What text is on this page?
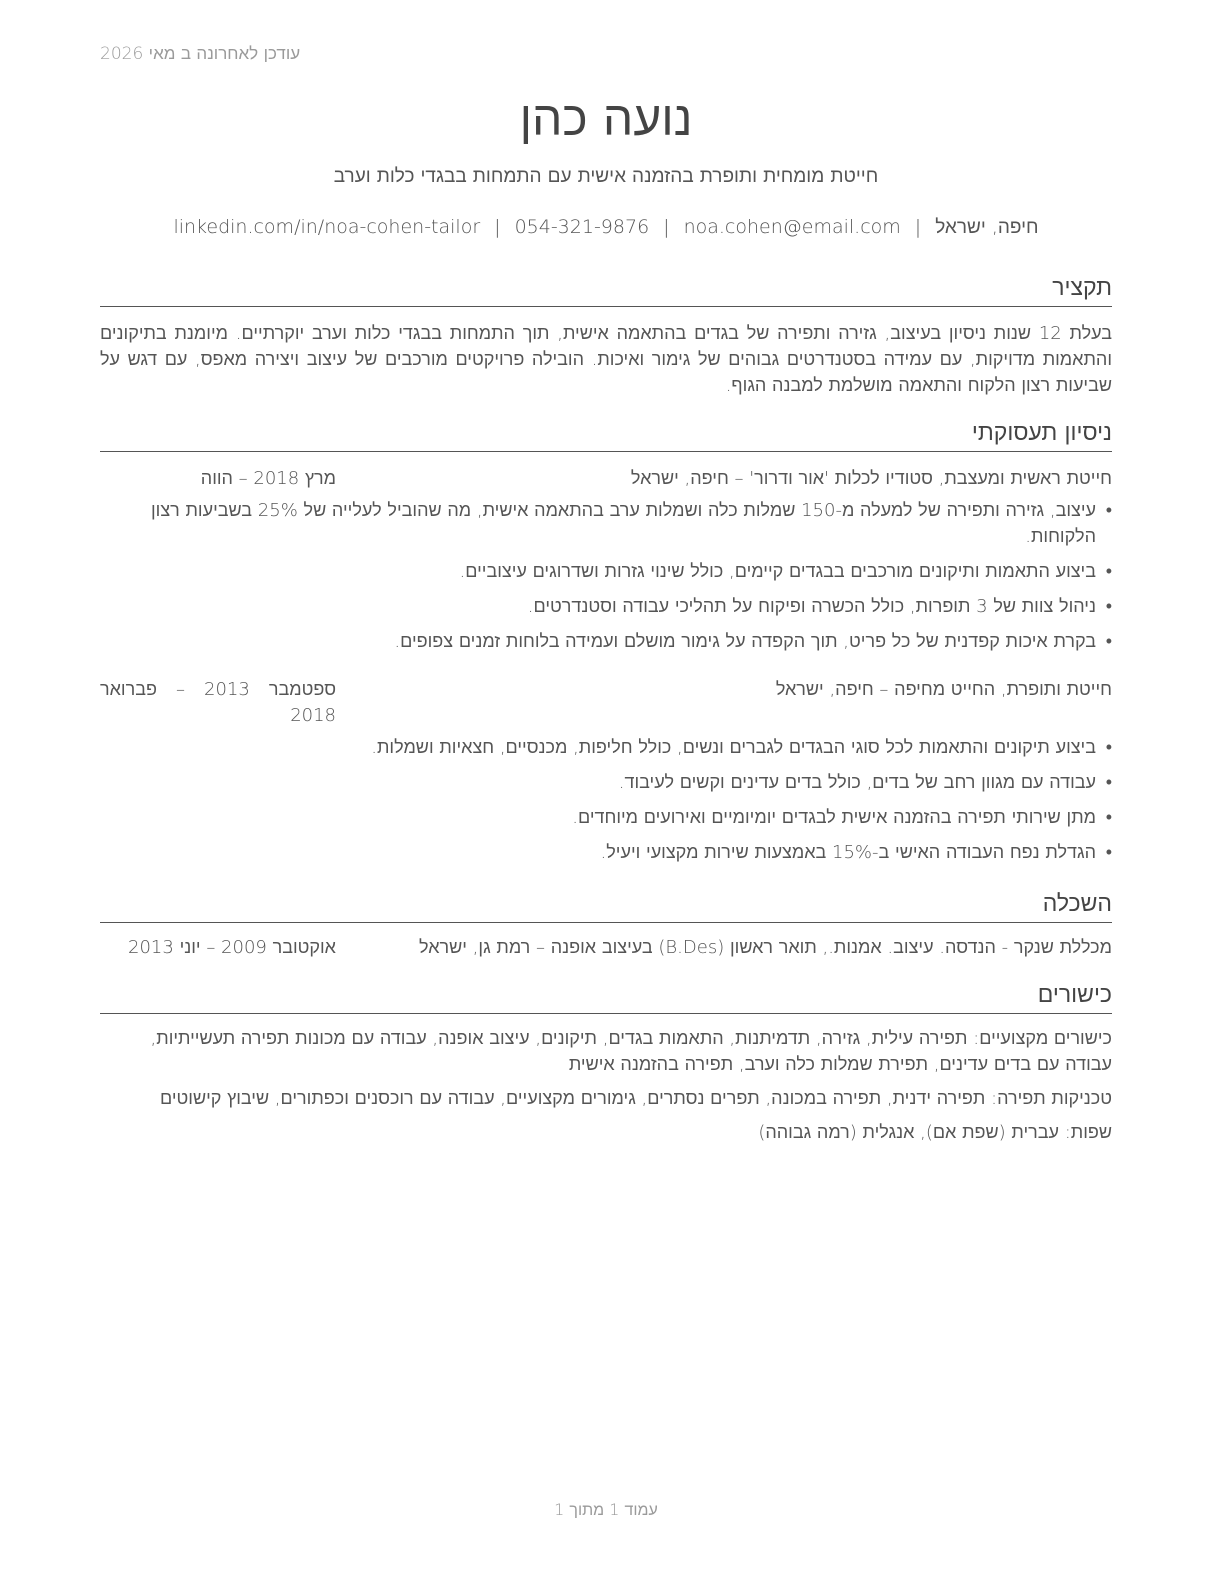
עודכן לאחרונה ב מאי 2026
נועה כהן
חייטת מומחית ותופרת בהזמנה אישית עם התמחות בבגדי כלות וערב
חיפה, ישראל|noa.cohen@email.com|054-321-9876|linkedin.com/in/noa-cohen-tailor
תקציר

בעלת 12 שנות ניסיון בעיצוב, גזירה ותפירה של בגדים בהתאמה אישית, תוך התמחות בבגדי כלות וערב יוקרתיים. מיומנת בתיקונים והתאמות מדויקות, עם עמידה בסטנדרטים גבוהים של גימור ואיכות. הובילה פרויקטים מורכבים של עיצוב ויצירה מאפס, עם דגש על שביעות רצון הלקוח והתאמה מושלמת למבנה הגוף.

ניסיון תעסוקתי
חייטת ראשית ומעצבת, סטודיו לכלות 'אור ודרור' – חיפה, ישראל
מרץ 2018 – הווה
• עיצוב, גזירה ותפירה של למעלה מ-150 שמלות כלה ושמלות ערב בהתאמה אישית, מה שהוביל לעלייה של 25% בשביעות רצון הלקוחות.
• ביצוע התאמות ותיקונים מורכבים בבגדים קיימים, כולל שינוי גזרות ושדרוגים עיצוביים.
• ניהול צוות של 3 תופרות, כולל הכשרה ופיקוח על תהליכי עבודה וסטנדרטים.
• בקרת איכות קפדנית של כל פריט, תוך הקפדה על גימור מושלם ועמידה בלוחות זמנים צפופים.
חייטת ותופרת, החייט מחיפה – חיפה, ישראל
ספטמבר 2013 – פברואר 2018
• ביצוע תיקונים והתאמות לכל סוגי הבגדים לגברים ונשים, כולל חליפות, מכנסיים, חצאיות ושמלות.
• עבודה עם מגוון רחב של בדים, כולל בדים עדינים וקשים לעיבוד.
• מתן שירותי תפירה בהזמנה אישית לבגדים יומיומיים ואירועים מיוחדים.
• הגדלת נפח העבודה האישי ב-15% באמצעות שירות מקצועי ויעיל.
השכלה
מכללת שנקר - הנדסה. עיצוב. אמנות., תואר ראשון (B.Des) בעיצוב אופנה – רמת גן, ישראל
אוקטובר 2009 – יוני 2013
כישורים
כישורים מקצועיים: תפירה עילית, גזירה, תדמיתנות, התאמות בגדים, תיקונים, עיצוב אופנה, עבודה עם מכונות תפירה תעשייתיות, עבודה עם בדים עדינים, תפירת שמלות כלה וערב, תפירה בהזמנה אישית
טכניקות תפירה: תפירה ידנית, תפירה במכונה, תפרים נסתרים, גימורים מקצועיים, עבודה עם רוכסנים וכפתורים, שיבוץ קישוטים
שפות: עברית (שפת אם), אנגלית (רמה גבוהה)
עמוד 1 מתוך 1
